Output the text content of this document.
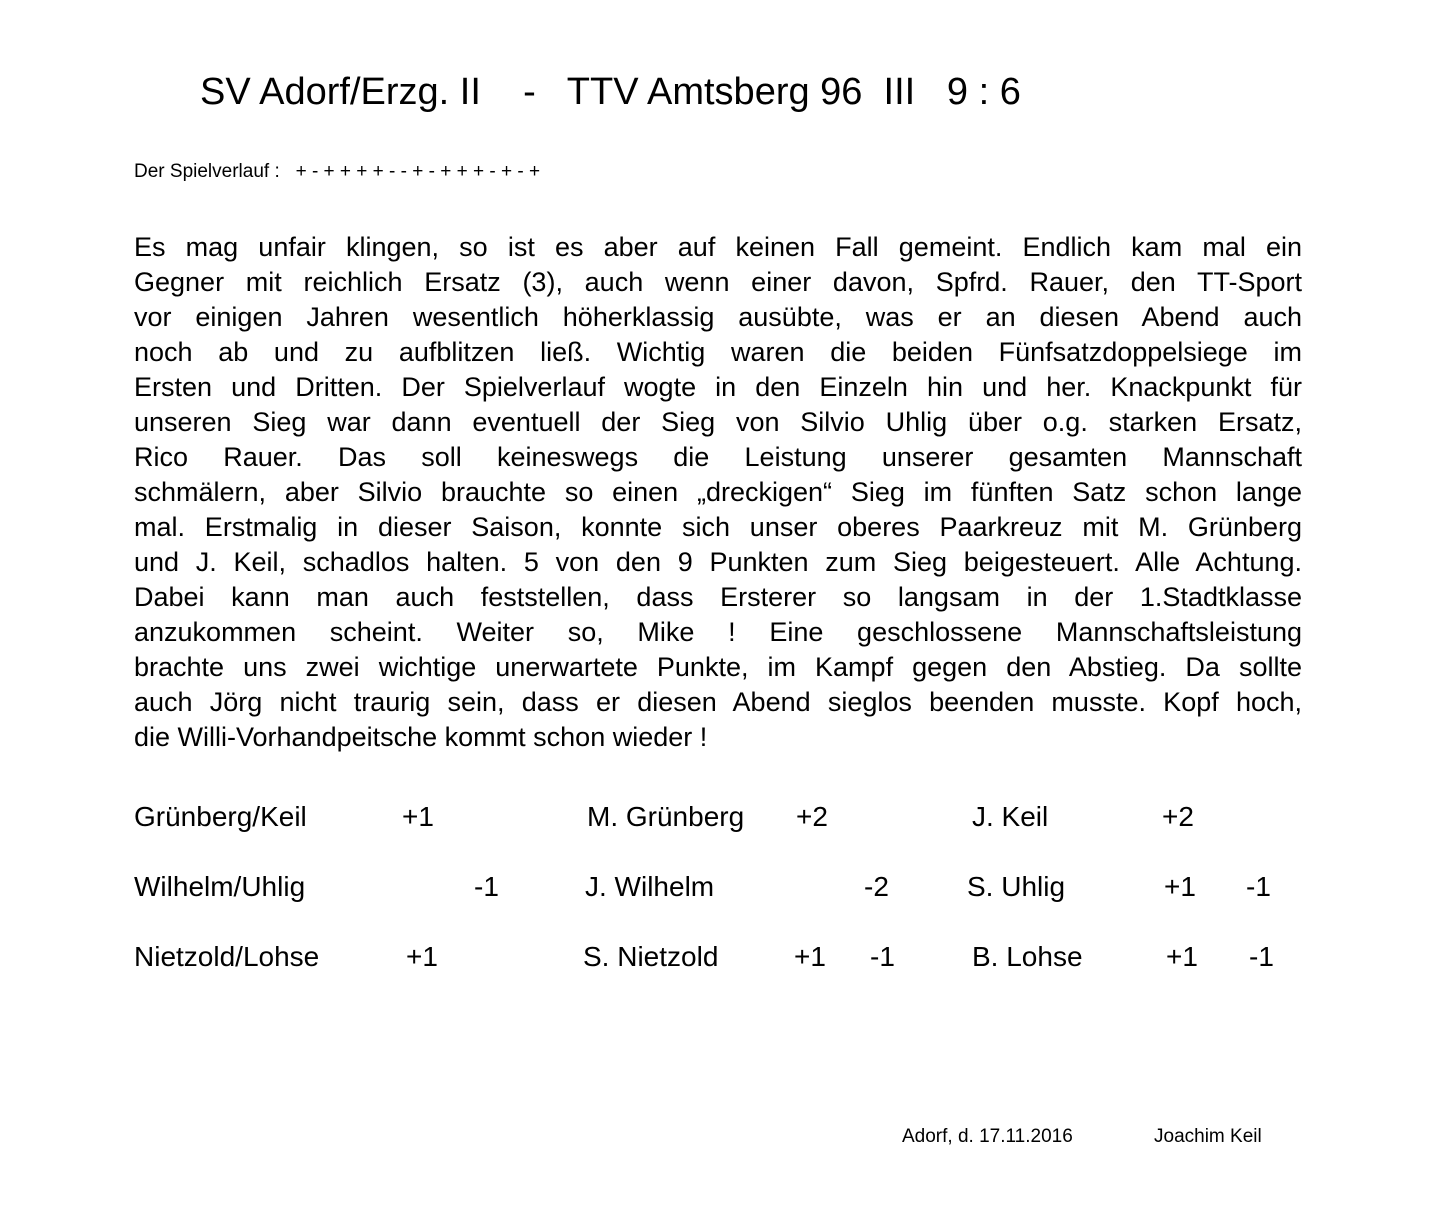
SV Adorf/Erzg. II    -   TTV Amtsberg 96  III   9 : 6
Der Spielverlauf :   + - + + + + - - + - + + + - + - +
Es mag unfair klingen, so ist es aber auf keinen Fall gemeint. Endlich kam mal ein
Gegner mit reichlich Ersatz (3), auch wenn einer davon, Spfrd. Rauer, den TT-Sport
vor einigen Jahren wesentlich höherklassig ausübte, was er an diesen Abend auch
noch ab und zu aufblitzen ließ. Wichtig waren die beiden Fünfsatzdoppelsiege im
Ersten und Dritten. Der Spielverlauf wogte in den Einzeln hin und her. Knackpunkt für
unseren Sieg war dann eventuell der Sieg von Silvio Uhlig über o.g. starken Ersatz,
Rico Rauer. Das soll keineswegs die Leistung unserer gesamten Mannschaft
schmälern, aber Silvio brauchte so einen „dreckigen“ Sieg im fünften Satz schon lange
mal. Erstmalig in dieser Saison, konnte sich unser oberes Paarkreuz mit M. Grünberg
und J. Keil, schadlos halten. 5 von den 9 Punkten zum Sieg beigesteuert. Alle Achtung.
Dabei kann man auch feststellen, dass Ersterer so langsam in der 1.Stadtklasse
anzukommen scheint. Weiter so, Mike ! Eine geschlossene Mannschaftsleistung
brachte uns zwei wichtige unerwartete Punkte, im Kampf gegen den Abstieg. Da sollte
auch Jörg nicht traurig sein, dass er diesen Abend sieglos beenden musste. Kopf hoch,
die Willi-Vorhandpeitsche kommt schon wieder !
Grünberg/Keil	+1	M. Grünberg +2	J. Keil	+2
Wilhelm/Uhlig	-1	J. Wilhelm	-2	S. Uhlig	+1 -1
Nietzold/Lohse	+1	S. Nietzold	+1 -1	B. Lohse	+1 -1
Adorf, d. 17.11.2016	Joachim Keil
